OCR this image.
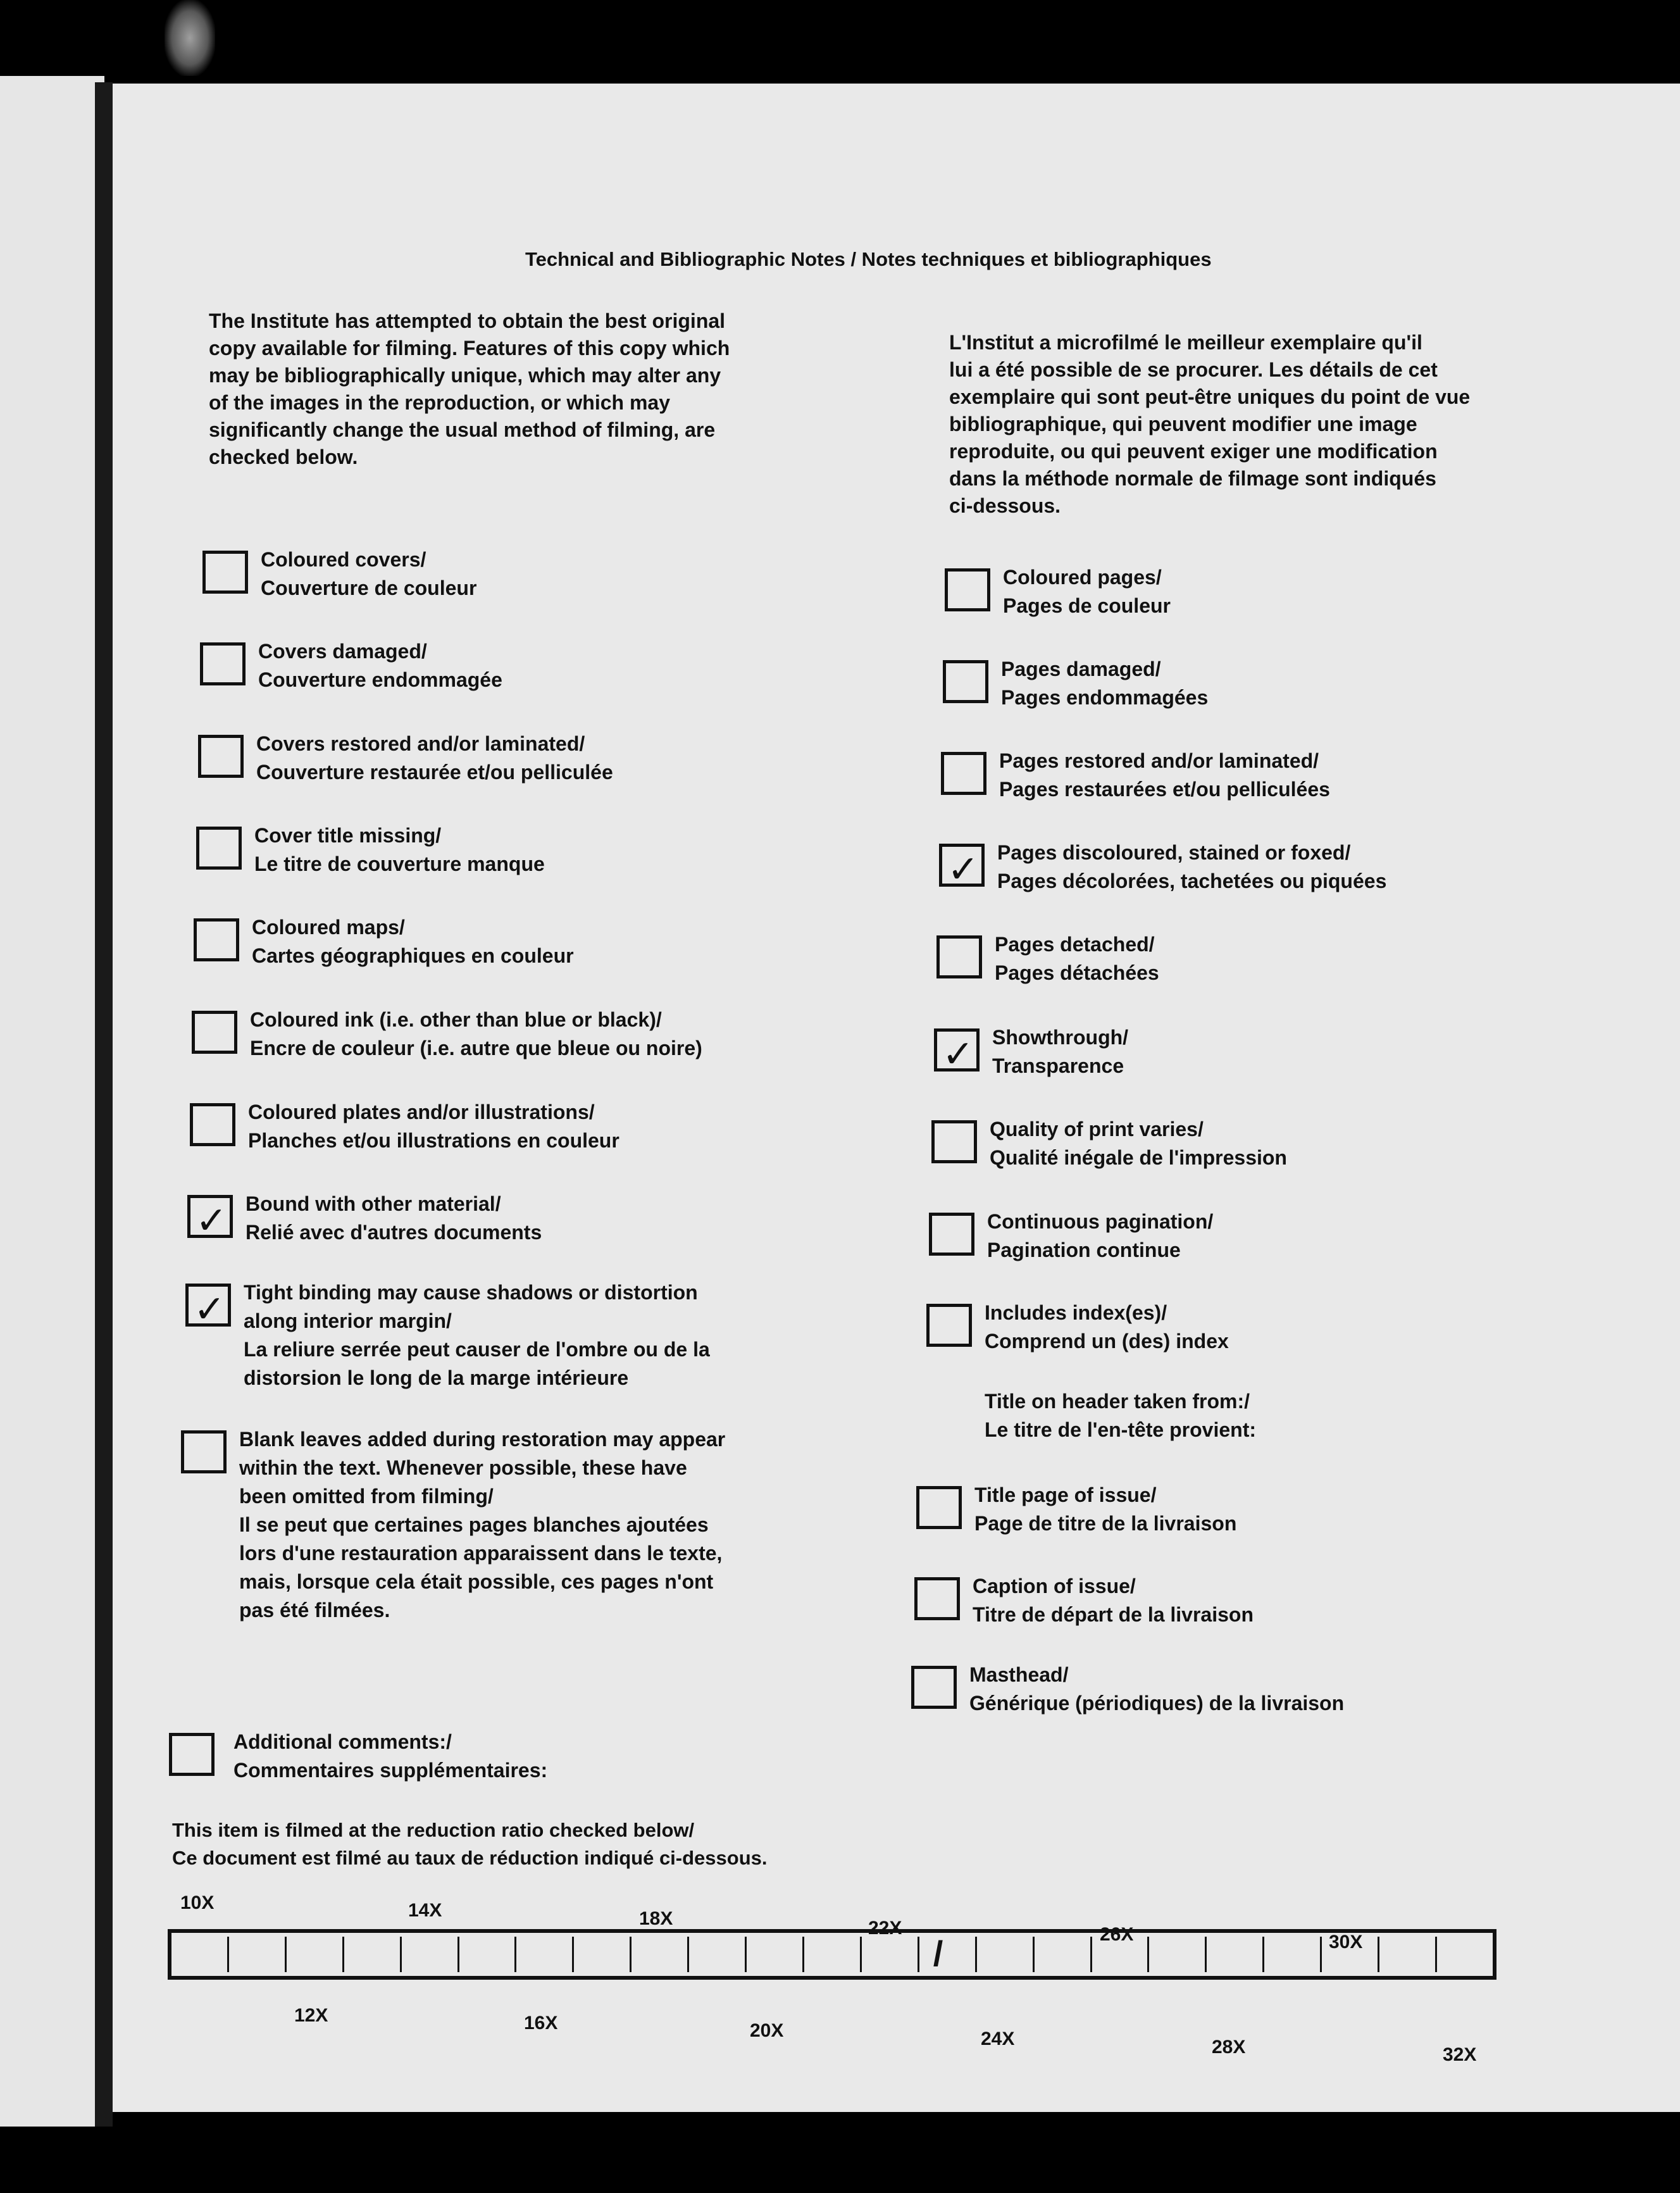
Technical and Bibliographic Notes / Notes techniques et bibliographiques
The Institute has attempted to obtain the best original
copy available for filming. Features of this copy which
may be bibliographically unique, which may alter any
of the images in the reproduction, or which may
significantly change the usual method of filming, are
checked below.
L'Institut a microfilmé le meilleur exemplaire qu'il
lui a été possible de se procurer. Les détails de cet
exemplaire qui sont peut-être uniques du point de vue
bibliographique, qui peuvent modifier une image
reproduite, ou qui peuvent exiger une modification
dans la méthode normale de filmage sont indiqués
ci-dessous.
Coloured covers/
Couverture de couleur
Covers damaged/
Couverture endommagée
Covers restored and/or laminated/
Couverture restaurée et/ou pelliculée
Cover title missing/
Le titre de couverture manque
Coloured maps/
Cartes géographiques en couleur
Coloured ink (i.e. other than blue or black)/
Encre de couleur (i.e. autre que bleue ou noire)
Coloured plates and/or illustrations/
Planches et/ou illustrations en couleur
✓ Bound with other material/
Relié avec d'autres documents
✓ Tight binding may cause shadows or distortion
along interior margin/
La reliure serrée peut causer de l'ombre ou de la
distorsion le long de la marge intérieure
Blank leaves added during restoration may appear
within the text. Whenever possible, these have
been omitted from filming/
Il se peut que certaines pages blanches ajoutées
lors d'une restauration apparaissent dans le texte,
mais, lorsque cela était possible, ces pages n'ont
pas été filmées.
Coloured pages/
Pages de couleur
Pages damaged/
Pages endommagées
Pages restored and/or laminated/
Pages restaurées et/ou pelliculées
✓ Pages discoloured, stained or foxed/
Pages décolorées, tachetées ou piquées
Pages detached/
Pages détachées
✓ Showthrough/
Transparence
Quality of print varies/
Qualité inégale de l'impression
Continuous pagination/
Pagination continue
Includes index(es)/
Comprend un (des) index
Title on header taken from:/
Le titre de l'en-tête provient:
Title page of issue/
Page de titre de la livraison
Caption of issue/
Titre de départ de la livraison
Masthead/
Générique (périodiques) de la livraison
Additional comments:/
Commentaires supplémentaires:
This item is filmed at the reduction ratio checked below/
Ce document est filmé au taux de réduction indiqué ci-dessous.
/
10X	14X	18X	22X	26X	30X
12X	16X	20X	24X	28X	32X
